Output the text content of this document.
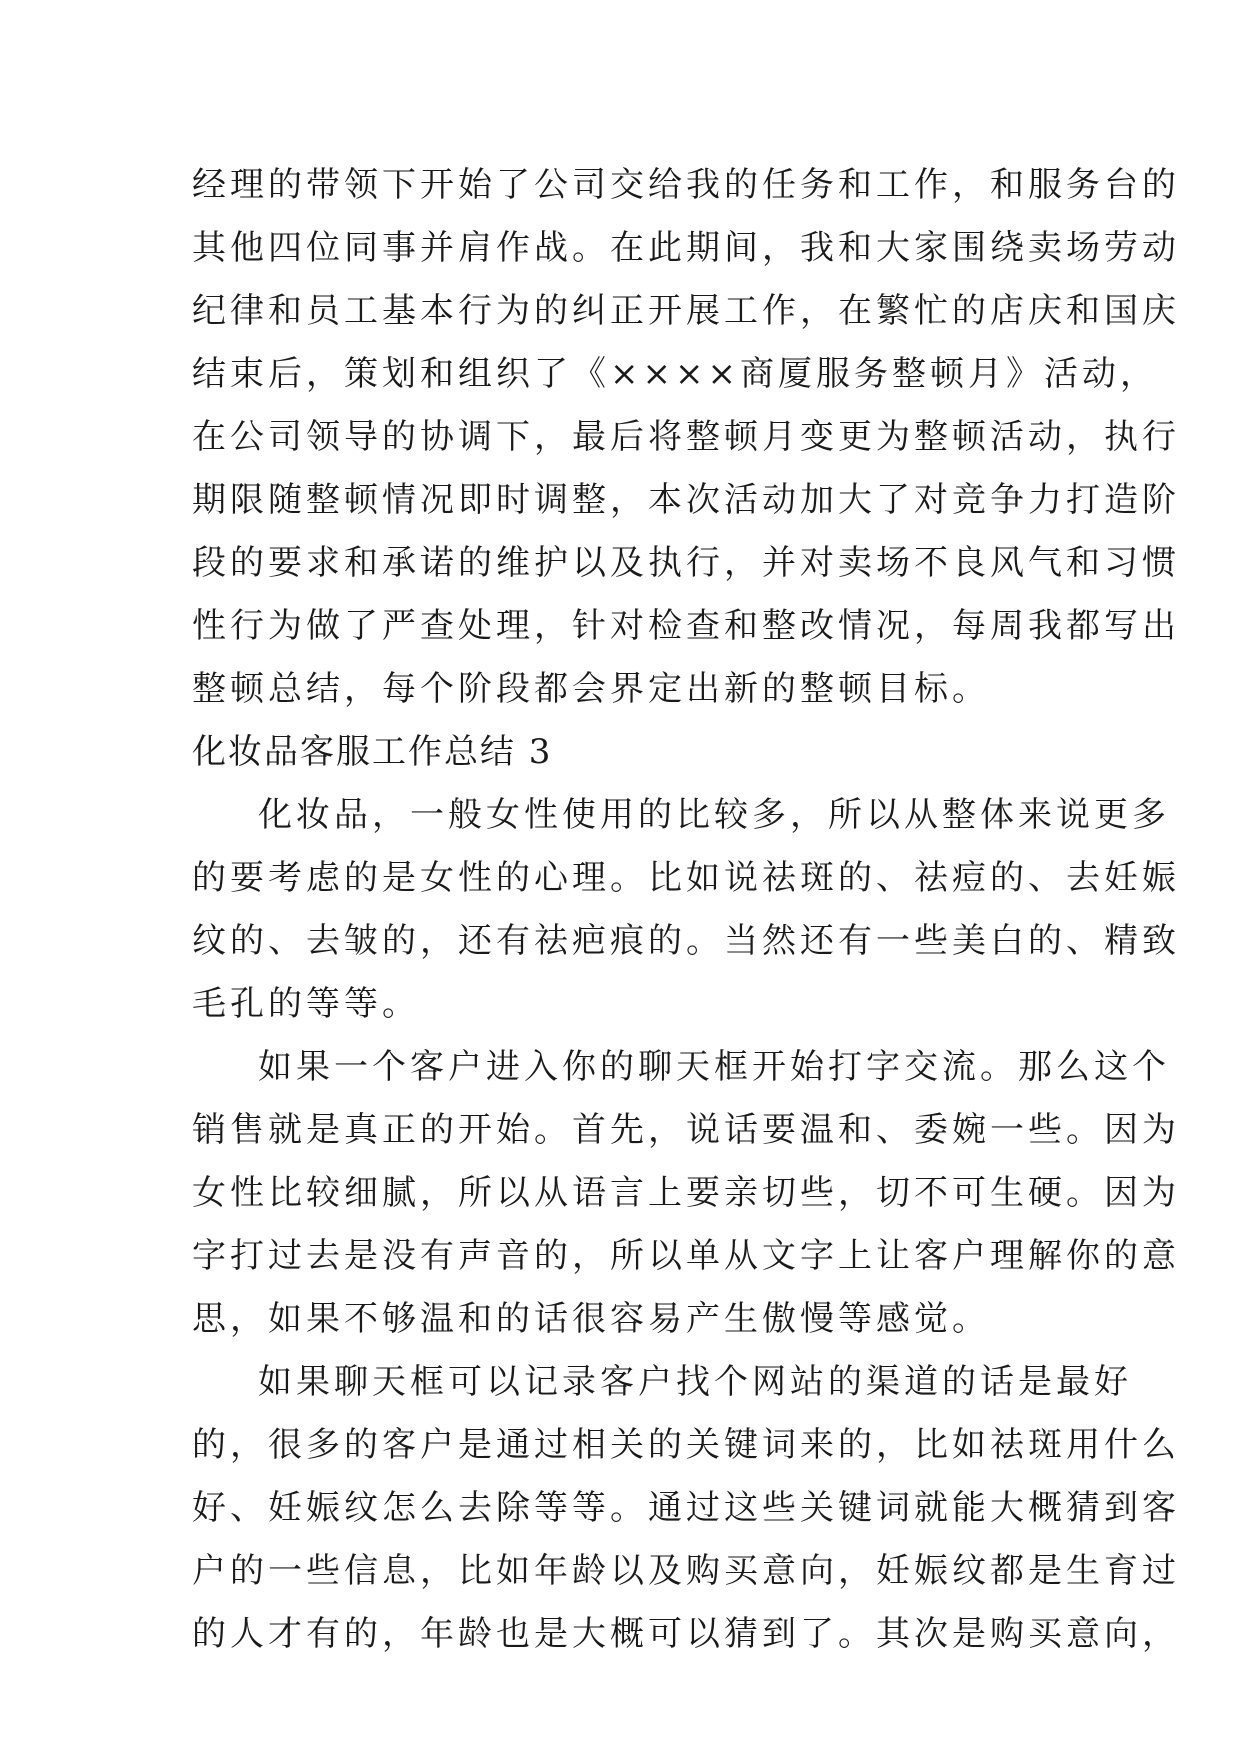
经理的带领下开始了公司交给我的任务和工作，和服务台的
其他四位同事并肩作战。在此期间，我和大家围绕卖场劳动
纪律和员工基本行为的纠正开展工作，在繁忙的店庆和国庆
结束后，策划和组织了《××××商厦服务整顿月》活动，
在公司领导的协调下，最后将整顿月变更为整顿活动，执行
期限随整顿情况即时调整，本次活动加大了对竞争力打造阶
段的要求和承诺的维护以及执行，并对卖场不良风气和习惯
性行为做了严查处理，针对检查和整改情况，每周我都写出
整顿总结，每个阶段都会界定出新的整顿目标。
化妆品客服工作总结 3
化妆品，一般女性使用的比较多，所以从整体来说更多
的要考虑的是女性的心理。比如说祛斑的、祛痘的、去妊娠
纹的、去皱的，还有祛疤痕的。当然还有一些美白的、精致
毛孔的等等。
如果一个客户进入你的聊天框开始打字交流。那么这个
销售就是真正的开始。首先，说话要温和、委婉一些。因为
女性比较细腻，所以从语言上要亲切些，切不可生硬。因为
字打过去是没有声音的，所以单从文字上让客户理解你的意
思，如果不够温和的话很容易产生傲慢等感觉。
如果聊天框可以记录客户找个网站的渠道的话是最好
的，很多的客户是通过相关的关键词来的，比如祛斑用什么
好、妊娠纹怎么去除等等。通过这些关键词就能大概猜到客
户的一些信息，比如年龄以及购买意向，妊娠纹都是生育过
的人才有的，年龄也是大概可以猜到了。其次是购买意向，
